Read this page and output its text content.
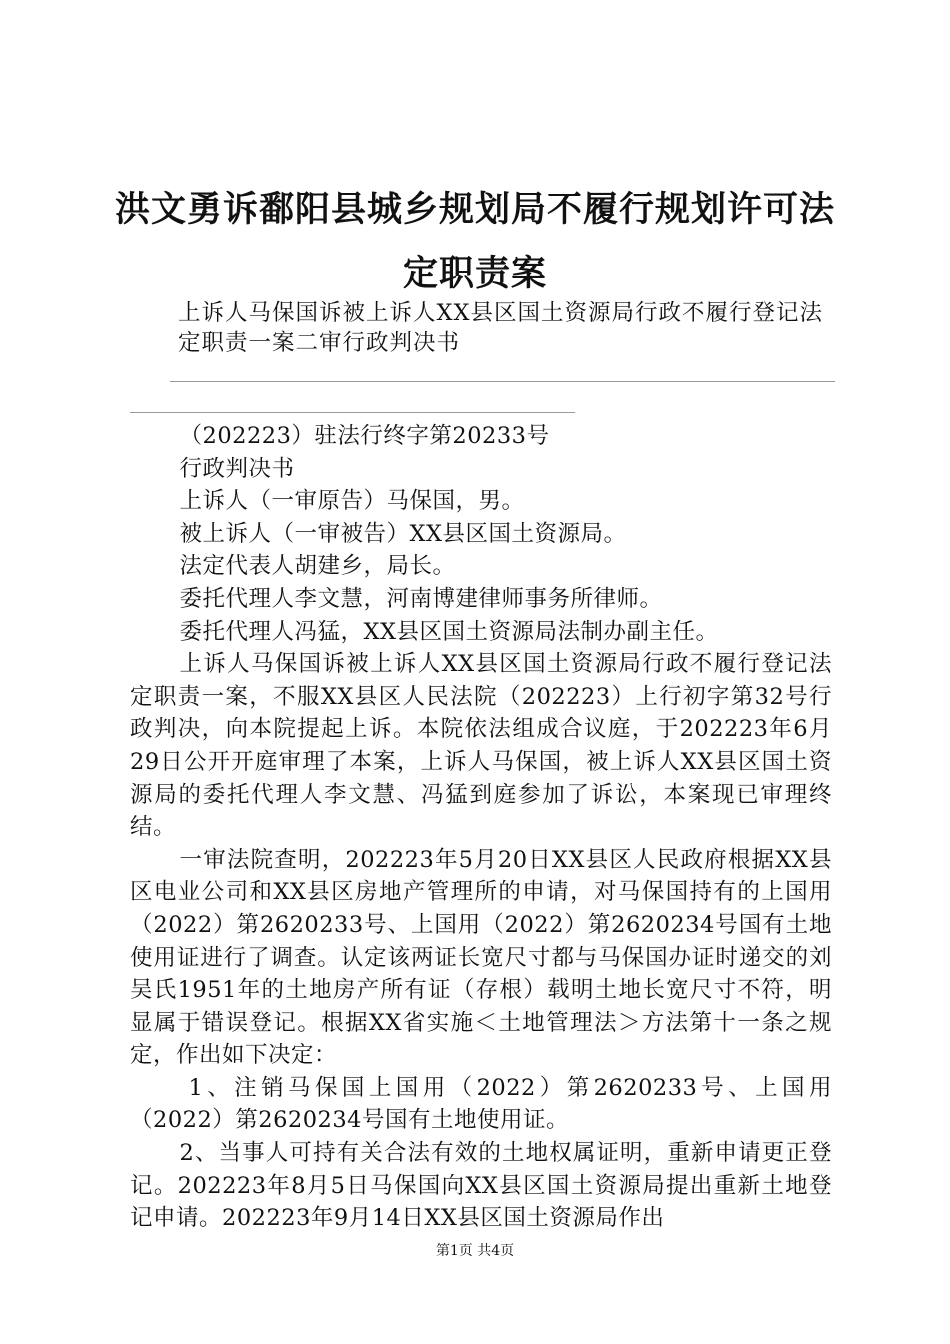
洪文勇诉鄱阳县城乡规划局不履行规划许可法定职责案
上诉人马保国诉被上诉人XX县区国土资源局行政不履行登记法定职责一案二审行政判决书

（202223）驻法行终字第20233号

行政判决书

上诉人（一审原告）马保国，男。

被上诉人（一审被告）XX县区国土资源局。

法定代表人胡建乡，局长。

委托代理人李文慧，河南博建律师事务所律师。

委托代理人冯猛，XX县区国土资源局法制办副主任。

上诉人马保国诉被上诉人XX县区国土资源局行政不履行登记法定职责一案，不服XX县区人民法院（202223）上行初字第32号行政判决，向本院提起上诉。本院依法组成合议庭，于202223年6月29日公开开庭审理了本案，上诉人马保国，被上诉人XX县区国土资源局的委托代理人李文慧、冯猛到庭参加了诉讼，本案现已审理终结。

一审法院查明，202223年5月20日XX县区人民政府根据XX县区电业公司和XX县区房地产管理所的申请，对马保国持有的上国用（2022）第2620233号、上国用（2022）第2620234号国有土地使用证进行了调查。认定该两证长宽尺寸都与马保国办证时递交的刘吴氏1951年的土地房产所有证（存根）载明土地长宽尺寸不符，明显属于错误登记。根据XX省实施＜土地管理法＞方法第十一条之规定，作出如下决定：

1、注销马保国上国用（2022）第2620233号、上国用（2022）第2620234号国有土地使用证。

2、当事人可持有关合法有效的土地权属证明，重新申请更正登记。202223年8月5日马保国向XX县区国土资源局提出重新土地登记申请。202223年9月14日XX县区国土资源局作出

第1页 共4页
